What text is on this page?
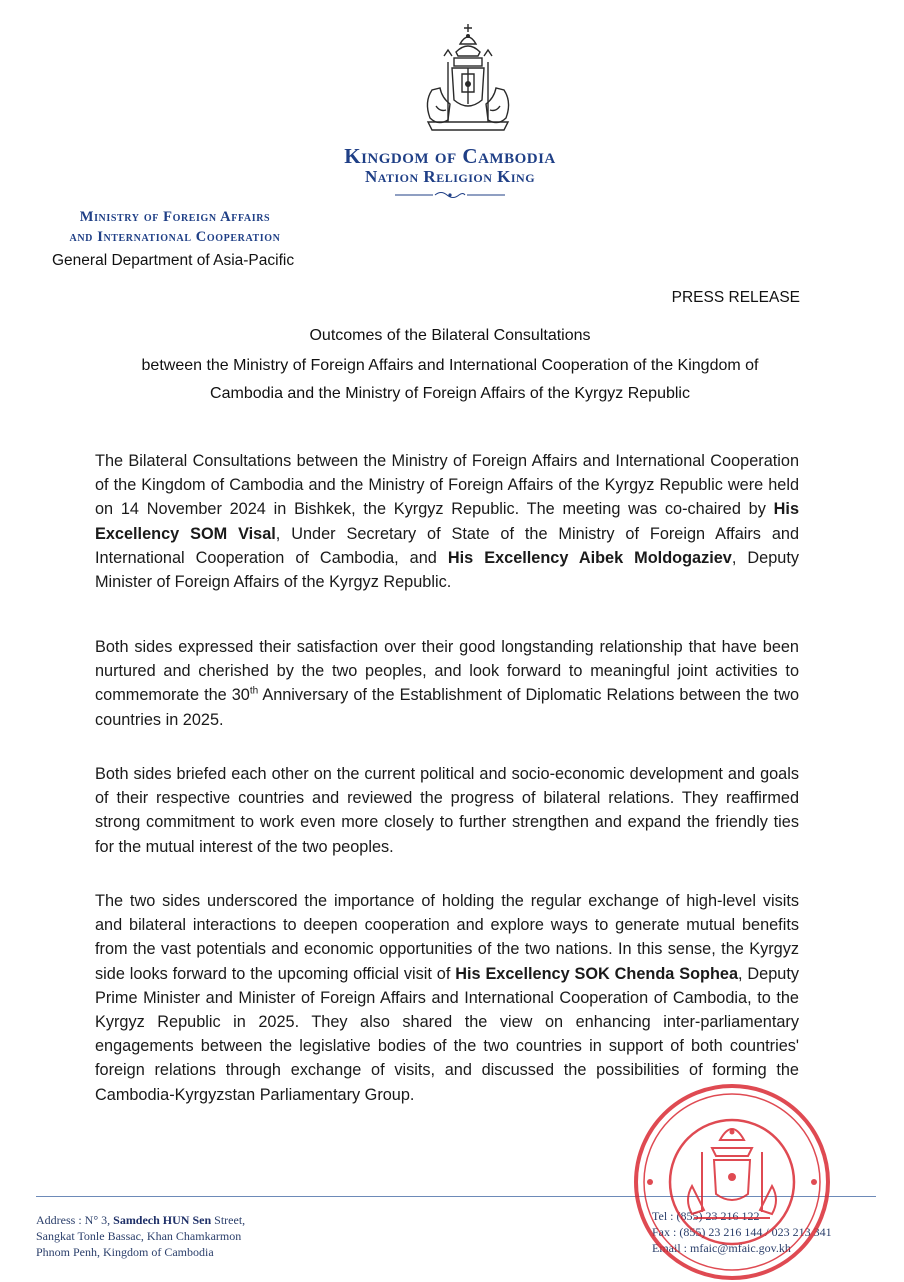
Kingdom of Cambodia
Nation Religion King
Ministry of Foreign Affairs
and International Cooperation
General Department of Asia-Pacific
PRESS RELEASE
Outcomes of the Bilateral Consultations
between the Ministry of Foreign Affairs and International Cooperation of the Kingdom of
Cambodia and the Ministry of Foreign Affairs of the Kyrgyz Republic

The Bilateral Consultations between the Ministry of Foreign Affairs and International Cooperation of the Kingdom of Cambodia and the Ministry of Foreign Affairs of the Kyrgyz Republic were held on 14 November 2024 in Bishkek, the Kyrgyz Republic. The meeting was co-chaired by His Excellency SOM Visal, Under Secretary of State of the Ministry of Foreign Affairs and International Cooperation of Cambodia, and His Excellency Aibek Moldogaziev, Deputy Minister of Foreign Affairs of the Kyrgyz Republic.

Both sides expressed their satisfaction over their good longstanding relationship that have been nurtured and cherished by the two peoples, and look forward to meaningful joint activities to commemorate the 30th Anniversary of the Establishment of Diplomatic Relations between the two countries in 2025.

Both sides briefed each other on the current political and socio-economic development and goals of their respective countries and reviewed the progress of bilateral relations. They reaffirmed strong commitment to work even more closely to further strengthen and expand the friendly ties for the mutual interest of the two peoples.

The two sides underscored the importance of holding the regular exchange of high-level visits and bilateral interactions to deepen cooperation and explore ways to generate mutual benefits from the vast potentials and economic opportunities of the two nations. In this sense, the Kyrgyz side looks forward to the upcoming official visit of His Excellency SOK Chenda Sophea, Deputy Prime Minister and Minister of Foreign Affairs and International Cooperation of Cambodia, to the Kyrgyz Republic in 2025. They also shared the view on enhancing inter-parliamentary engagements between the legislative bodies of the two countries in support of both countries' foreign relations through exchange of visits, and discussed the possibilities of forming the Cambodia-Kyrgyzstan Parliamentary Group.

Address : N° 3, Samdech HUN Sen Street,
Sangkat Tonle Bassac, Khan Chamkarmon
Phnom Penh, Kingdom of Cambodia
Tel : (855) 23 216 122
Fax : (855) 23 216 144 / 023 213 341
Email : mfaic@mfaic.gov.kh
